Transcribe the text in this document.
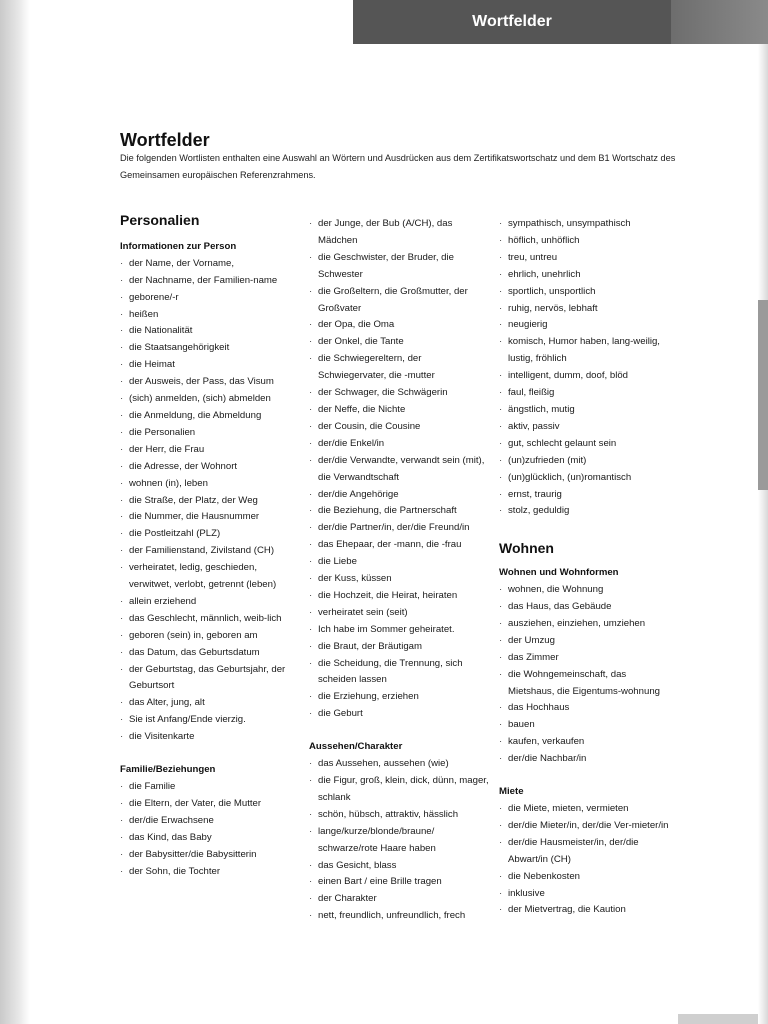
Wortfelder
Wortfelder

Die folgenden Wortlisten enthalten eine Auswahl an Wörtern und Ausdrücken aus dem Zertifikatswortschatz und dem B1 Wortschatz des Gemeinsamen europäischen Referenzrahmens.

Personalien
Informationen zur Person
· der Name, der Vorname,
· der Nachname, der Familien-name
· geborene/-r
· heißen
· die Nationalität
· die Staatsangehörigkeit
· die Heimat
· der Ausweis, der Pass, das Visum
· (sich) anmelden, (sich) abmelden
· die Anmeldung, die Abmeldung
· die Personalien
· der Herr, die Frau
· die Adresse, der Wohnort
· wohnen (in), leben
· die Straße, der Platz, der Weg
· die Nummer, die Hausnummer
· die Postleitzahl (PLZ)
· der Familienstand, Zivilstand (CH)
· verheiratet, ledig, geschieden, verwitwet, verlobt, getrennt (leben)
· allein erziehend
· das Geschlecht, männlich, weib-lich
· geboren (sein) in, geboren am
· das Datum, das Geburtsdatum
· der Geburtstag, das Geburtsjahr, der Geburtsort
· das Alter, jung, alt
· Sie ist Anfang/Ende vierzig.
· die Visitenkarte
Familie/Beziehungen
· die Familie
· die Eltern, der Vater, die Mutter
· der/die Erwachsene
· das Kind, das Baby
· der Babysitter/die Babysitterin
· der Sohn, die Tochter
· der Junge, der Bub (A/CH), das Mädchen
· die Geschwister, der Bruder, die Schwester
· die Großeltern, die Großmutter, der Großvater
· der Opa, die Oma
· der Onkel, die Tante
· die Schwiegereltern, der Schwiegervater, die -mutter
· der Schwager, die Schwägerin
· der Neffe, die Nichte
· der Cousin, die Cousine
· der/die Enkel/in
· der/die Verwandte, verwandt sein (mit), die Verwandtschaft
· der/die Angehörige
· die Beziehung, die Partnerschaft
· der/die Partner/in, der/die Freund/in
· das Ehepaar, der -mann, die -frau
· die Liebe
· der Kuss, küssen
· die Hochzeit, die Heirat, heiraten
· verheiratet sein (seit)
· Ich habe im Sommer geheiratet.
· die Braut, der Bräutigam
· die Scheidung, die Trennung, sich scheiden lassen
· die Erziehung, erziehen
· die Geburt
Aussehen/Charakter
· das Aussehen, aussehen (wie)
· die Figur, groß, klein, dick, dünn, mager, schlank
· schön, hübsch, attraktiv, hässlich
· lange/kurze/blonde/braune/ schwarze/rote Haare haben
· das Gesicht, blass
· einen Bart / eine Brille tragen
· der Charakter
· nett, freundlich, unfreundlich, frech
· sympathisch, unsympathisch
· höflich, unhöflich
· treu, untreu
· ehrlich, unehrlich
· sportlich, unsportlich
· ruhig, nervös, lebhaft
· neugierig
· komisch, Humor haben, lang-weilig, lustig, fröhlich
· intelligent, dumm, doof, blöd
· faul, fleißig
· ängstlich, mutig
· aktiv, passiv
· gut, schlecht gelaunt sein
· (un)zufrieden (mit)
· (un)glücklich, (un)romantisch
· ernst, traurig
· stolz, geduldig
Wohnen
Wohnen und Wohnformen
· wohnen, die Wohnung
· das Haus, das Gebäude
· ausziehen, einziehen, umziehen
· der Umzug
· das Zimmer
· die Wohngemeinschaft, das Mietshaus, die Eigentums-wohnung
· das Hochhaus
· bauen
· kaufen, verkaufen
· der/die Nachbar/in
Miete
· die Miete, mieten, vermieten
· der/die Mieter/in, der/die Ver-mieter/in
· der/die Hausmeister/in, der/die Abwart/in (CH)
· die Nebenkosten
· inklusive
· der Mietvertrag, die Kaution
